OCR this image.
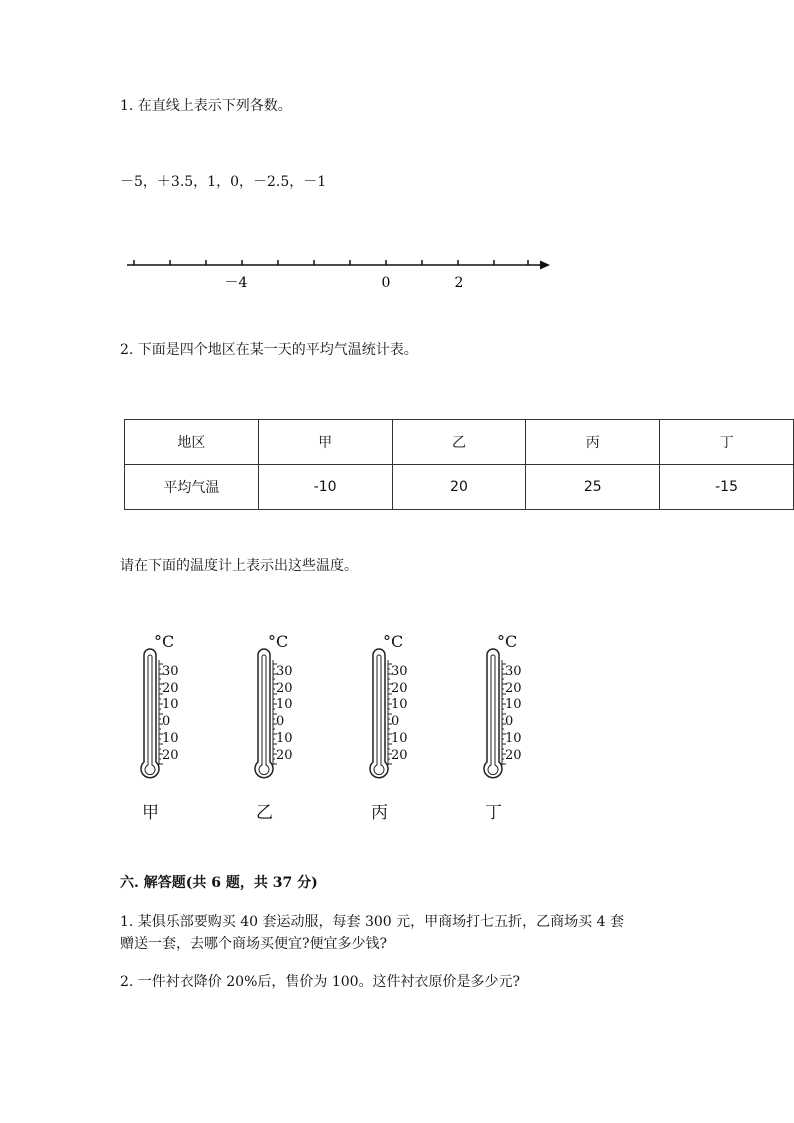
1. 在直线上表示下列各数。
－5，＋3.5，1，0，－2.5，－1
－4	0	2
2. 下面是四个地区在某一天的平均气温统计表。
地区	甲	乙	丙	丁
平均气温	-10	20	25	-15
请在下面的温度计上表示出这些温度。
°C
30
20
10
0
10
20
甲
°C
30
20
10
0
10
20
乙
°C
30
20
10
0
10
20
丙
°C
30
20
10
0
10
20
丁
六. 解答题(共 6 题，共 37 分)
1. 某俱乐部要购买 40 套运动服，每套 300 元，甲商场打七五折，乙商场买 4 套
赠送一套，去哪个商场买便宜?便宜多少钱?
2. 一件衬衣降价 20%后，售价为 100。这件衬衣原价是多少元?
